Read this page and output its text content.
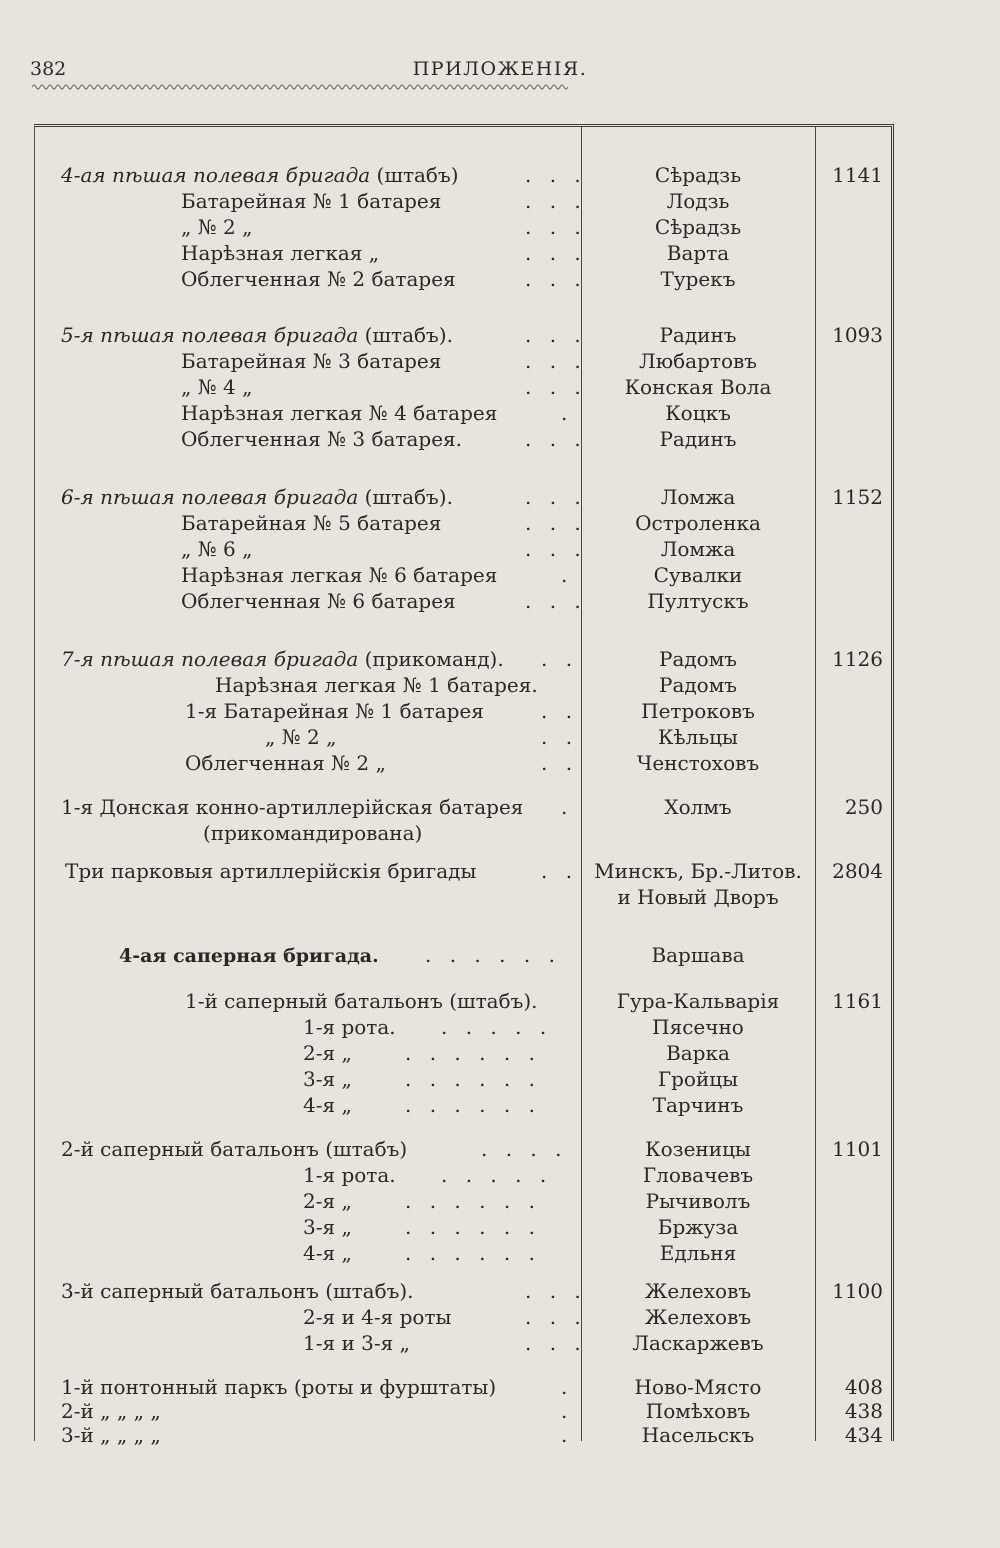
382	ПРИЛОЖЕНІЯ.
4-ая пѣшая полевая бригада (штабъ)	. . .	Сѣрадзь	1141
Батарейная № 1 батарея	. . .	Лодзь
„ № 2 „	. . .	Сѣрадзь
Нарѣзная легкая „	. . .	Варта
Облегченная № 2 батарея	. . .	Турекъ
5-я пѣшая полевая бригада (штабъ).	. . .	Радинъ	1093
Батарейная № 3 батарея	. . .	Любартовъ
„ № 4 „	. . .	Конская Вола
Нарѣзная легкая № 4 батарея	.	Коцкъ
Облегченная № 3 батарея.	. . .	Радинъ
6-я пѣшая полевая бригада (штабъ).	. . .	Ломжа	1152
Батарейная № 5 батарея	. . .	Остроленка
„ № 6 „	. . .	Ломжа
Нарѣзная легкая № 6 батарея	.	Сувалки
Облегченная № 6 батарея	. . .	Пултускъ
7-я пѣшая полевая бригада (прикоманд). . .	Радомъ	1126
Нарѣзная легкая № 1 батарея.	Радомъ
1-я Батарейная № 1 батарея	. .	Петроковъ
„ № 2 „	. .	Кѣльцы
Облегченная № 2 „	. .	Ченстоховъ
1-я Донская конно-артиллерійская батарея .	Холмъ	250
(прикомандирована)
Три парковыя артиллерійскія бригады	. . Минскъ, Бр.-Литов.	2804
и Новый Дворъ
4-ая саперная бригада. . . . . . .	Варшава
1-й саперный батальонъ (штабъ).	Гура-Кальварія	1161
1-я рота. . . . . .	Пясечно
2-я „	. . . . . .	Варка
3-я „	. . . . . .	Гройцы
4-я „	. . . . . .	Тарчинъ
2-й саперный батальонъ (штабъ)	. . . .	Козеницы	1101
1-я рота. . . . . .	Гловачевъ
2-я „	. . . . . .	Рычиволъ
3-я „	. . . . . .	Бржуза
4-я „	. . . . . .	Едльня
3-й саперный батальонъ (штабъ).	. . .	Желеховъ	1100
2-я и 4-я роты	. . .	Желеховъ
1-я и 3-я „	. . .	Ласкаржевъ
1-й понтонный паркъ (роты и фурштаты)	.	Ново-Място	408
2-й „ „ „ „	.	Помѣховъ	438
3-й „ „ „ „	.	Насельскъ	434
